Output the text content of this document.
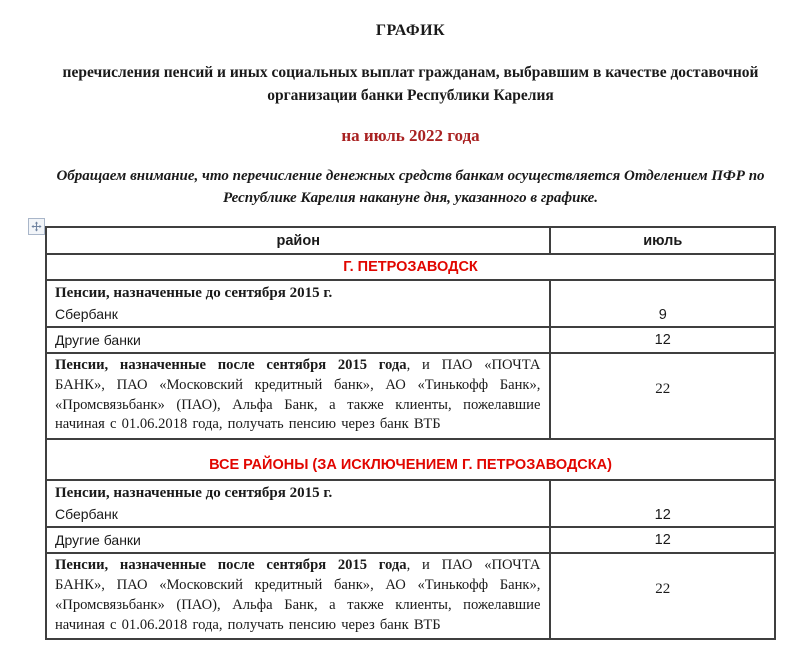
ГРАФИК
перечисления пенсий и иных социальных выплат гражданам, выбравшим в качестве доставочной организации банки Республики Карелия
на июль 2022 года
Обращаем внимание, что перечисление денежных средств банкам осуществляется Отделением ПФР по Республике Карелия накануне дня, указанного в графике.
район	июль
Г. ПЕТРОЗАВОДСК	

Пенсии, назначенные до сентября 2015 г.
Сбербанк	9
Другие банки	12
Пенсии, назначенные после сентября 2015 года, и ПАО «ПОЧТА БАНК», ПАО «Московский кредитный банк», АО «Тинькофф Банк», «Промсвязьбанк» (ПАО), Альфа Банк, а также клиенты, пожелавшие начиная с 01.06.2018 года, получать пенсию через банк ВТБ	22
ВСЕ РАЙОНЫ (ЗА ИСКЛЮЧЕНИЕМ Г. ПЕТРОЗАВОДСКА)	

Пенсии, назначенные до сентября 2015 г.
Сбербанк	12
Другие банки	12
Пенсии, назначенные после сентября 2015 года, и ПАО «ПОЧТА БАНК», ПАО «Московский кредитный банк», АО «Тинькофф Банк», «Промсвязьбанк» (ПАО), Альфа Банк, а также клиенты, пожелавшие начиная с 01.06.2018 года, получать пенсию через банк ВТБ	22
